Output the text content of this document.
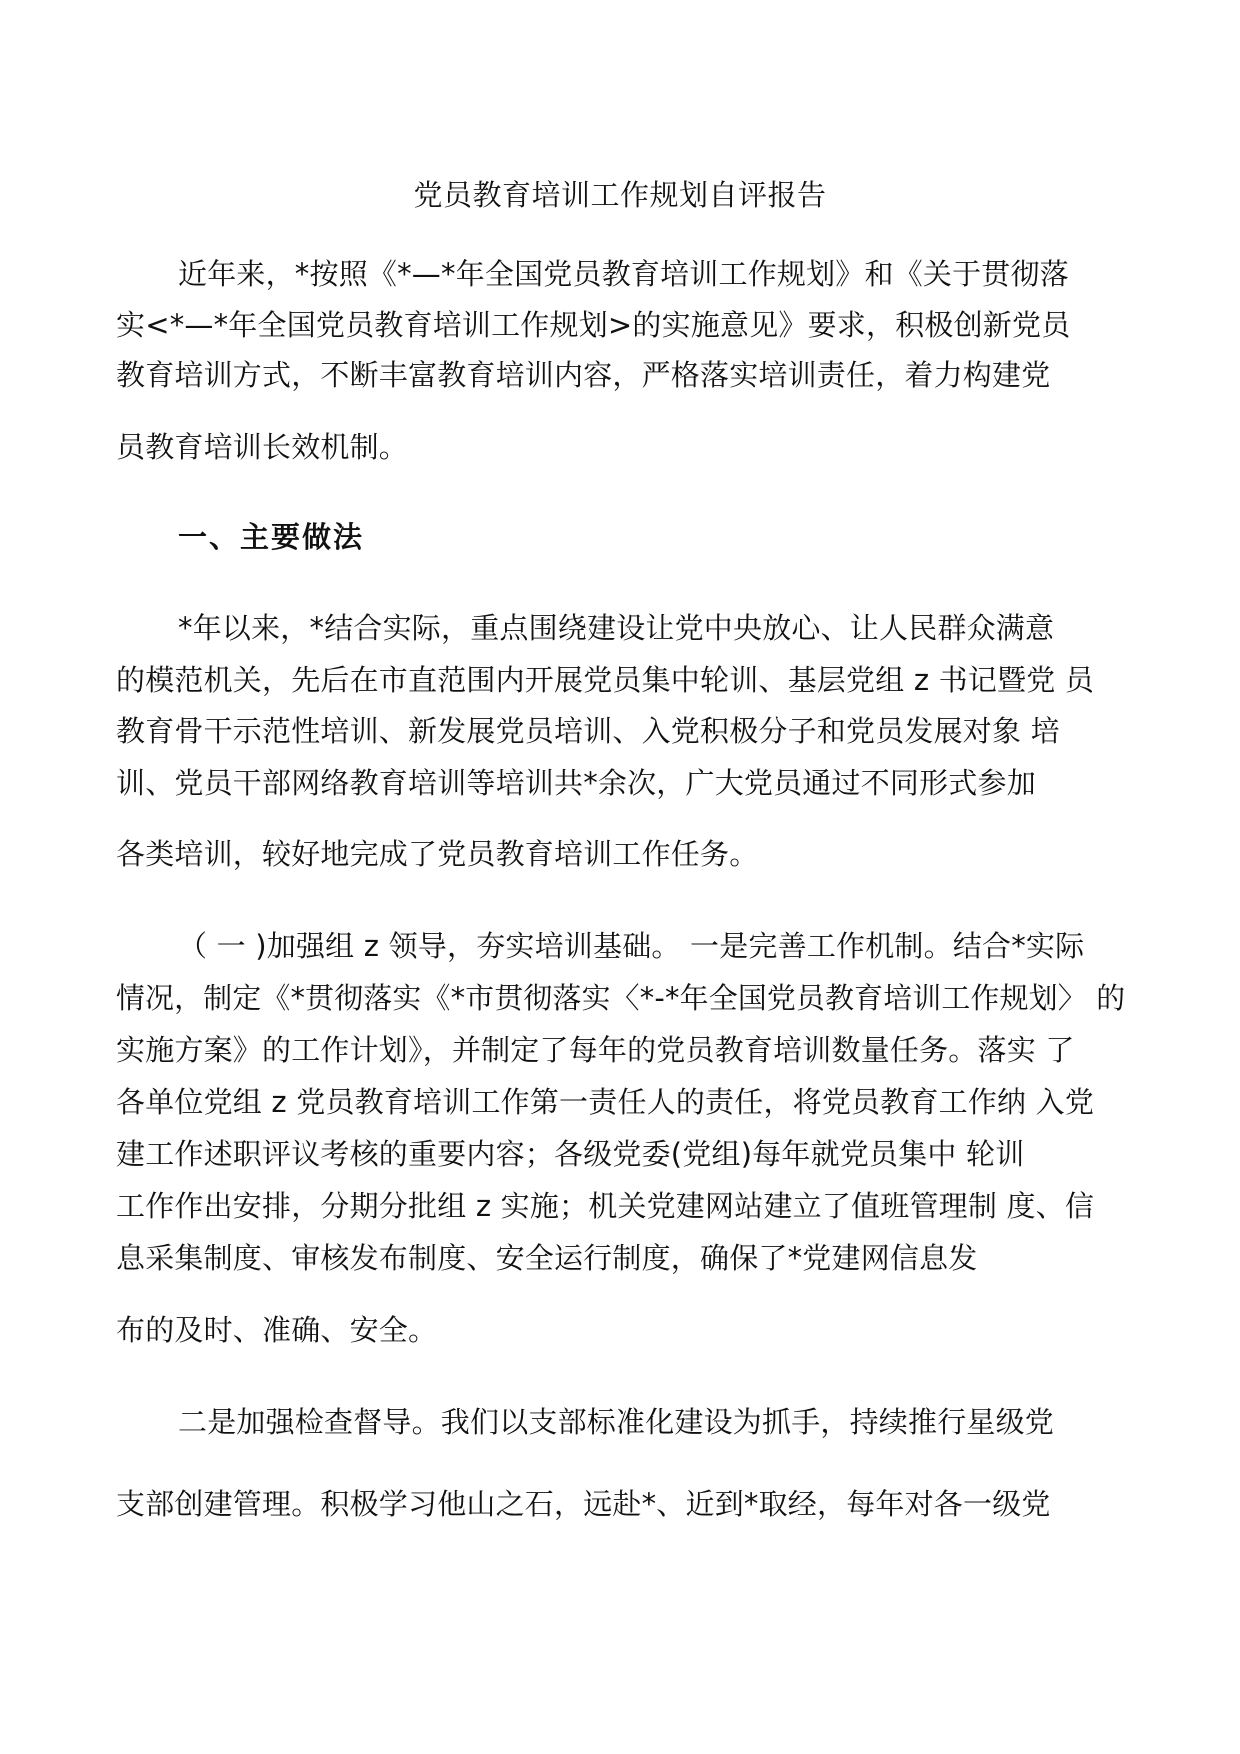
党员教育培训工作规划自评报告
近年来，*按照《*—*年全国党员教育培训工作规划》和《关于贯彻落
实<*—*年全国党员教育培训工作规划>的实施意见》要求，积极创新党员
教育培训方式，不断丰富教育培训内容，严格落实培训责任，着力构建党
员教育培训长效机制。
一、主要做法
*年以来，*结合实际，重点围绕建设让党中央放心、让人民群众满意
的模范机关，先后在市直范围内开展党员集中轮训、基层党组 z 书记暨党 员
教育骨干示范性培训、新发展党员培训、入党积极分子和党员发展对象 培
训、党员干部网络教育培训等培训共*余次，广大党员通过不同形式参加
各类培训，较好地完成了党员教育培训工作任务。
（ 一 )加强组 z 领导，夯实培训基础。 一是完善工作机制。结合*实际
情况，制定《*贯彻落实《*市贯彻落实〈*-*年全国党员教育培训工作规划〉 的
实施方案》的工作计划》，并制定了每年的党员教育培训数量任务。落实 了
各单位党组 z 党员教育培训工作第一责任人的责任，将党员教育工作纳 入党
建工作述职评议考核的重要内容；各级党委(党组)每年就党员集中 轮训
工作作出安排，分期分批组 z 实施；机关党建网站建立了值班管理制 度、信
息采集制度、审核发布制度、安全运行制度，确保了*党建网信息发
布的及时、准确、安全。
二是加强检查督导。我们以支部标准化建设为抓手，持续推行星级党
支部创建管理。积极学习他山之石，远赴*、近到*取经，每年对各一级党
